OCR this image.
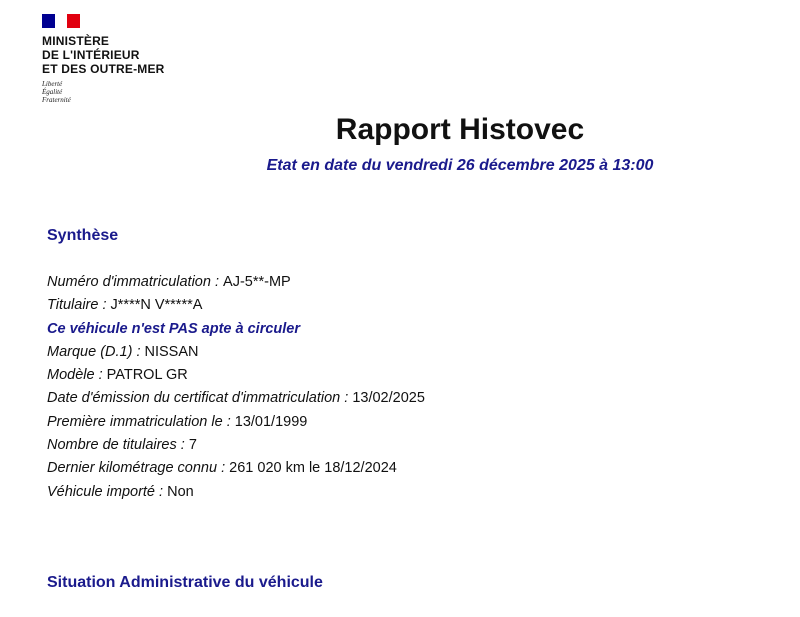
MINISTÈRE

DE L'INTÉRIEUR

ET DES OUTRE-MER

Liberté

Égalité

Fraternité

Rapport Histovec

Etat en date du vendredi 26 décembre 2025 à 13:00

Synthèse
Numéro d'immatriculation : AJ-5**-MP
Titulaire : J****N V*****A
Ce véhicule n'est PAS apte à circuler
Marque (D.1) : NISSAN
Modèle : PATROL GR
Date d'émission du certificat d'immatriculation : 13/02/2025
Première immatriculation le : 13/01/1999
Nombre de titulaires : 7
Dernier kilométrage connu : 261 020 km le 18/12/2024
Véhicule importé : Non
Situation Administrative du véhicule
